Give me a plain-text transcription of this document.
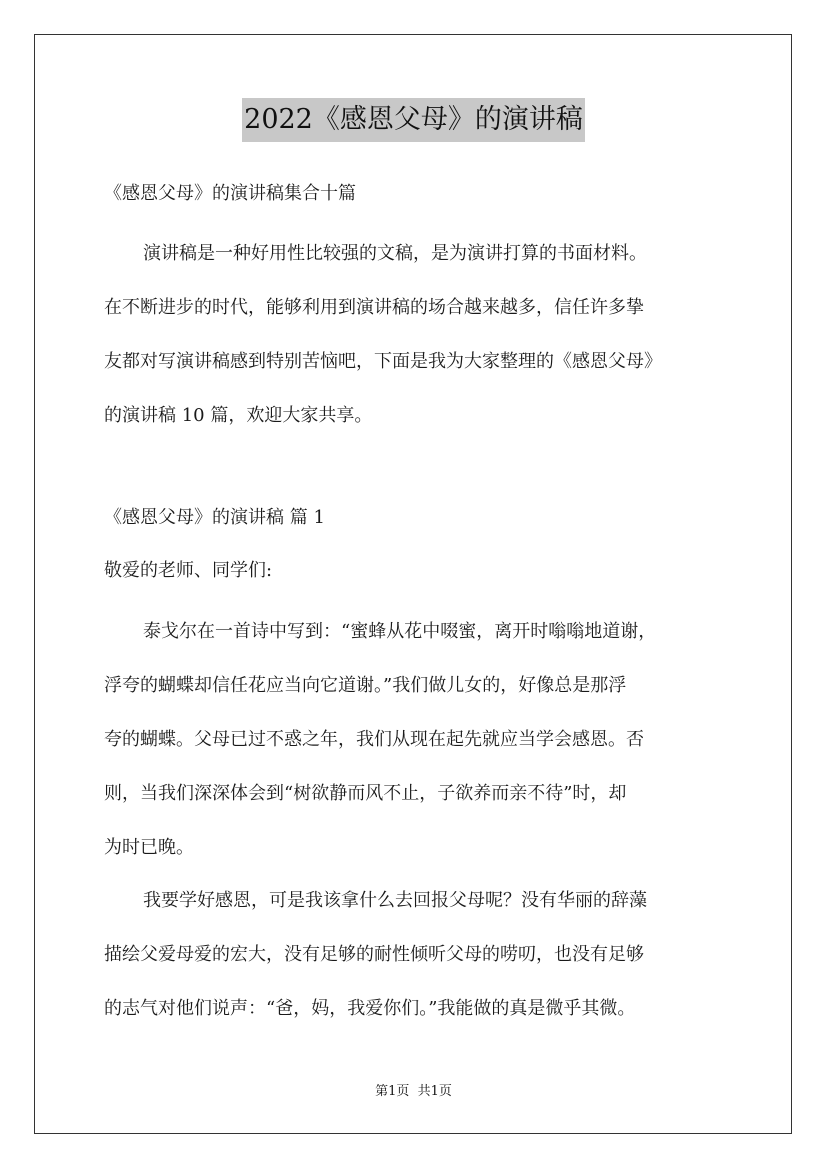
2022《感恩父母》的演讲稿
《感恩父母》的演讲稿集合十篇

演讲稿是一种好用性比较强的文稿，是为演讲打算的书面材料。

在不断进步的时代，能够利用到演讲稿的场合越来越多，信任许多挚

友都对写演讲稿感到特别苦恼吧，下面是我为大家整理的《感恩父母》

的演讲稿 10 篇，欢迎大家共享。

《感恩父母》的演讲稿 篇 1
敬爱的老师、同学们:

泰戈尔在一首诗中写到：“蜜蜂从花中啜蜜，离开时嗡嗡地道谢，

浮夸的蝴蝶却信任花应当向它道谢。”我们做儿女的，好像总是那浮

夸的蝴蝶。父母已过不惑之年，我们从现在起先就应当学会感恩。否

则，当我们深深体会到“树欲静而风不止，子欲养而亲不待”时，却

为时已晚。

我要学好感恩，可是我该拿什么去回报父母呢？没有华丽的辞藻

描绘父爱母爱的宏大，没有足够的耐性倾听父母的唠叨，也没有足够

的志气对他们说声：“爸，妈，我爱你们。”我能做的真是微乎其微。

第1页  共1页
